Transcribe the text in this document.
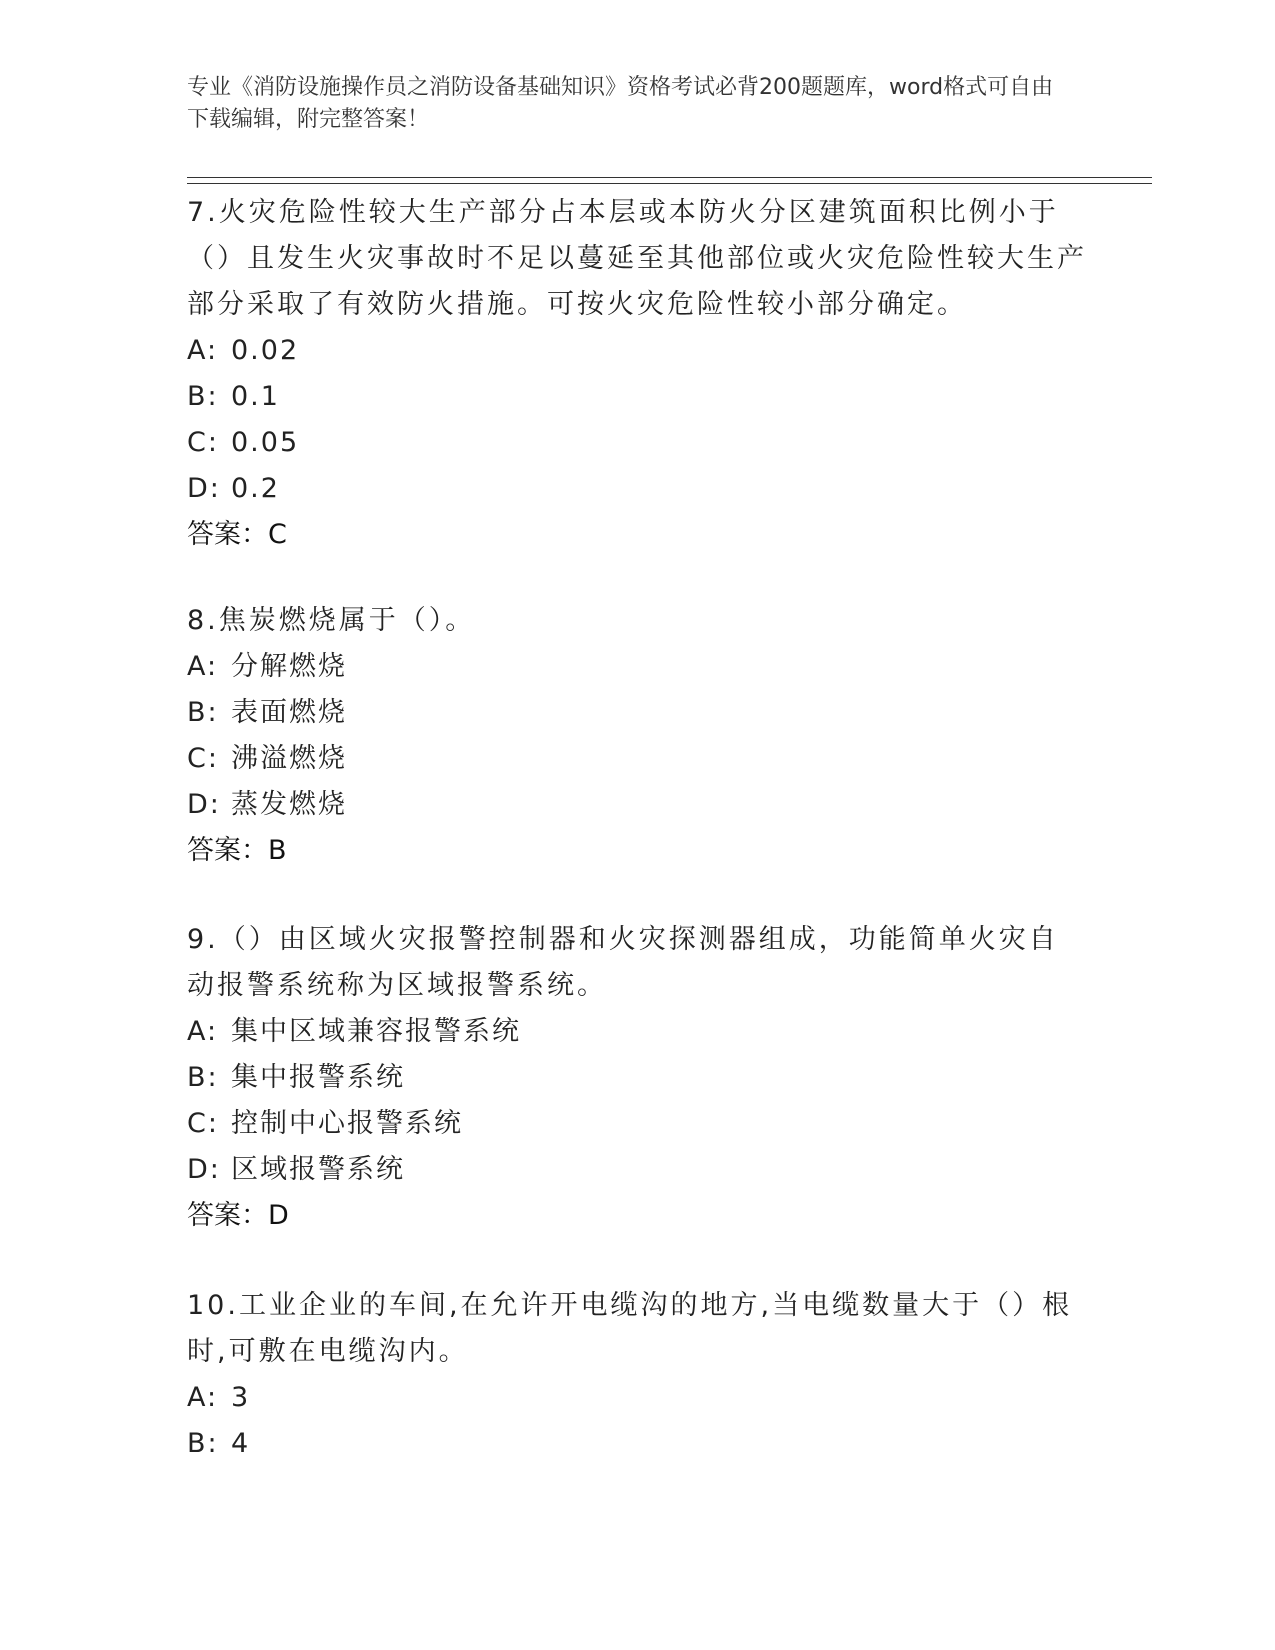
专业《消防设施操作员之消防设备基础知识》资格考试必背200题题库，word格式可自由下载编辑，附完整答案！

7.火灾危险性较大生产部分占本层或本防火分区建筑面积比例小于（）且发生火灾事故时不足以蔓延至其他部位或火灾危险性较大生产部分采取了有效防火措施。可按火灾危险性较小部分确定。

A: 0.02

B: 0.1

C: 0.05

D: 0.2

答案：C

8.焦炭燃烧属于（）。

A: 分解燃烧

B: 表面燃烧

C: 沸溢燃烧

D: 蒸发燃烧

答案：B

9.（）由区域火灾报警控制器和火灾探测器组成，功能简单火灾自动报警系统称为区域报警系统。

A: 集中区域兼容报警系统

B: 集中报警系统

C: 控制中心报警系统

D: 区域报警系统

答案：D

10.工业企业的车间,在允许开电缆沟的地方,当电缆数量大于（）根时,可敷在电缆沟内。

A: 3

B: 4
